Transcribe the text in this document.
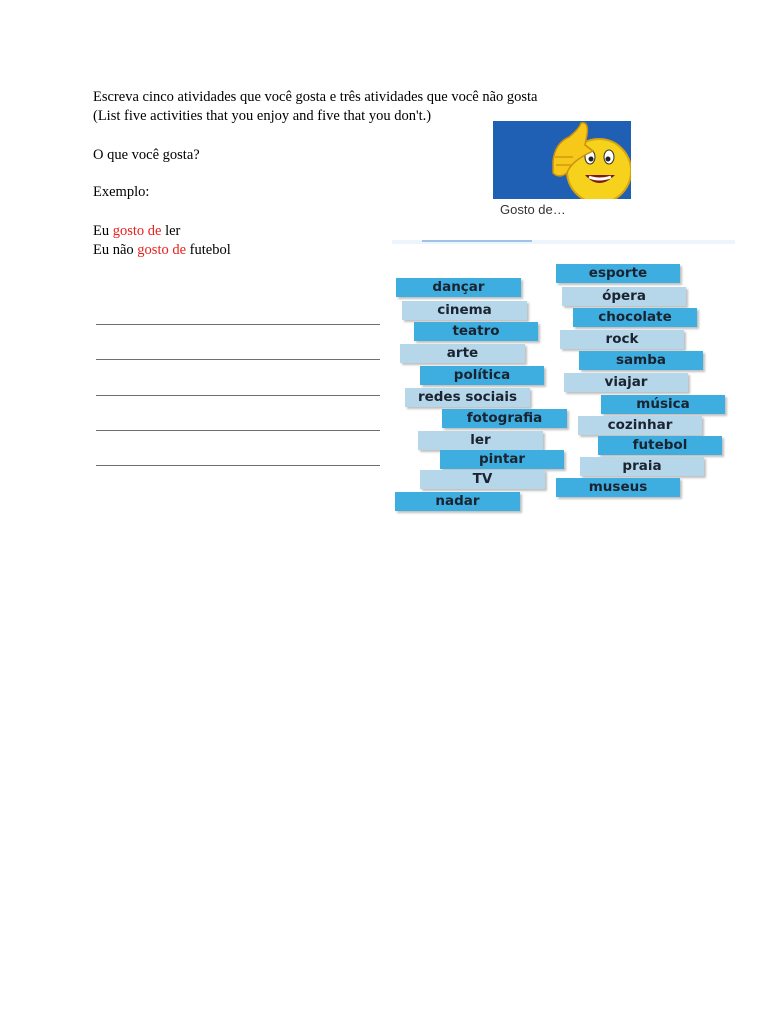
Escreva cinco atividades que você gosta e três atividades que você não gosta
(List five activities that you enjoy and five that you don't.)
O que você gosta?
Exemplo:
Eu gosto de ler
Eu não gosto de futebol
Gosto de…
dançar
cinema
teatro
arte
política
redes sociais
fotografia
ler
pintar
TV
nadar
esporte
ópera
chocolate
rock
samba
viajar
música
cozinhar
futebol
praia
museus
